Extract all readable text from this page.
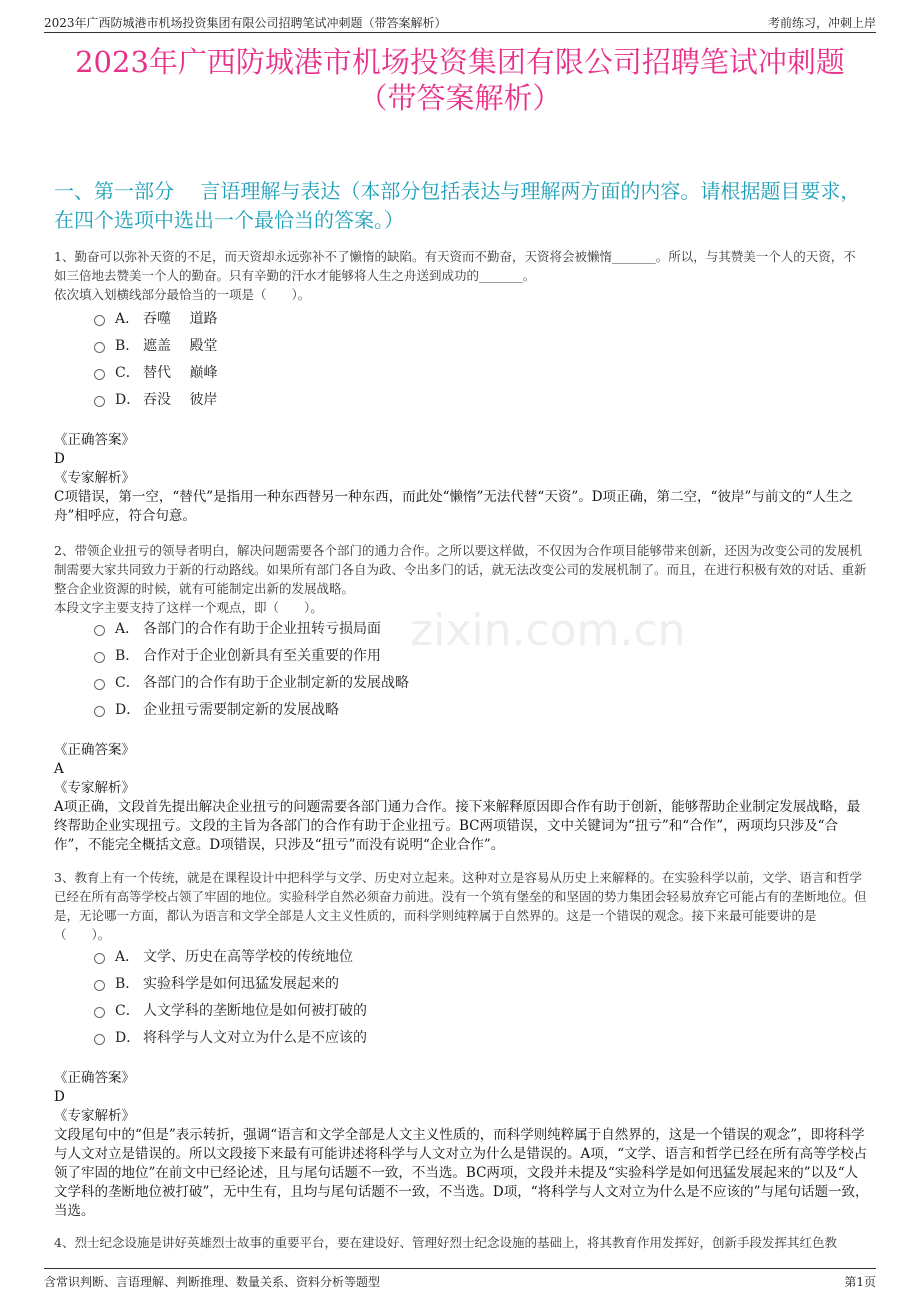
2023年广西防城港市机场投资集团有限公司招聘笔试冲刺题（带答案解析）	考前练习，冲刺上岸
2023年广西防城港市机场投资集团有限公司招聘笔试冲刺题
（带答案解析）
一、第一部分　 言语理解与表达（本部分包括表达与理解两方面的内容。请根据题目要求，在四个选项中选出一个最恰当的答案。）
zixin.com.cn

1、勤奋可以弥补天资的不足，而天资却永远弥补不了懒惰的缺陷。有天资而不勤奋，天资将会被懒惰_______。所以，与其赞美一个人的天资，不如三倍地去赞美一个人的勤奋。只有辛勤的汗水才能够将人生之舟送到成功的_______。

依次填入划横线部分最恰当的一项是（　　）。

A． 吞噬　 道路
B． 遮盖　 殿堂
C． 替代　 巅峰
D． 吞没　 彼岸

《正确答案》

D

《专家解析》

C项错误，第一空，“替代”是指用一种东西替另一种东西，而此处“懒惰”无法代替“天资”。D项正确，第二空，“彼岸”与前文的“人生之舟”相呼应，符合句意。

2、带领企业扭亏的领导者明白，解决问题需要各个部门的通力合作。之所以要这样做，不仅因为合作项目能够带来创新，还因为改变公司的发展机制需要大家共同致力于新的行动路线。如果所有部门各自为政、令出多门的话，就无法改变公司的发展机制了。而且，在进行积极有效的对话、重新整合企业资源的时候，就有可能制定出新的发展战略。

本段文字主要支持了这样一个观点，即（　　）。

A． 各部门的合作有助于企业扭转亏损局面
B． 合作对于企业创新具有至关重要的作用
C． 各部门的合作有助于企业制定新的发展战略
D． 企业扭亏需要制定新的发展战略

《正确答案》

A

《专家解析》

A项正确，文段首先提出解决企业扭亏的问题需要各部门通力合作。接下来解释原因即合作有助于创新，能够帮助企业制定发展战略，最终帮助企业实现扭亏。文段的主旨为各部门的合作有助于企业扭亏。BC两项错误，文中关键词为“扭亏”和“合作”，两项均只涉及“合作”，不能完全概括文意。D项错误，只涉及“扭亏”而没有说明“企业合作”。

3、教育上有一个传统，就是在课程设计中把科学与文学、历史对立起来。这种对立是容易从历史上来解释的。在实验科学以前，文学、语言和哲学已经在所有高等学校占领了牢固的地位。实验科学自然必须奋力前进。没有一个筑有堡垒的和坚固的势力集团会轻易放弃它可能占有的垄断地位。但是，无论哪一方面，都认为语言和文学全部是人文主义性质的，而科学则纯粹属于自然界的。这是一个错误的观念。接下来最可能要讲的是（　　）。

A． 文学、历史在高等学校的传统地位
B． 实验科学是如何迅猛发展起来的
C． 人文学科的垄断地位是如何被打破的
D． 将科学与人文对立为什么是不应该的

《正确答案》

D

《专家解析》

文段尾句中的“但是”表示转折，强调“语言和文学全部是人文主义性质的，而科学则纯粹属于自然界的，这是一个错误的观念”，即将科学与人文对立是错误的。所以文段接下来最有可能讲述将科学与人文对立为什么是错误的。A项，“文学、语言和哲学已经在所有高等学校占领了牢固的地位”在前文中已经论述，且与尾句话题不一致，不当选。BC两项，文段并未提及“实验科学是如何迅猛发展起来的”以及“人文学科的垄断地位被打破”，无中生有，且均与尾句话题不一致，不当选。D项，“将科学与人文对立为什么是不应该的”与尾句话题一致，当选。

4、烈士纪念设施是讲好英雄烈士故事的重要平台，要在建设好、管理好烈士纪念设施的基础上，将其教育作用发挥好，创新手段发挥其红色教

含常识判断、言语理解、判断推理、数量关系、资料分析等题型	第1页
